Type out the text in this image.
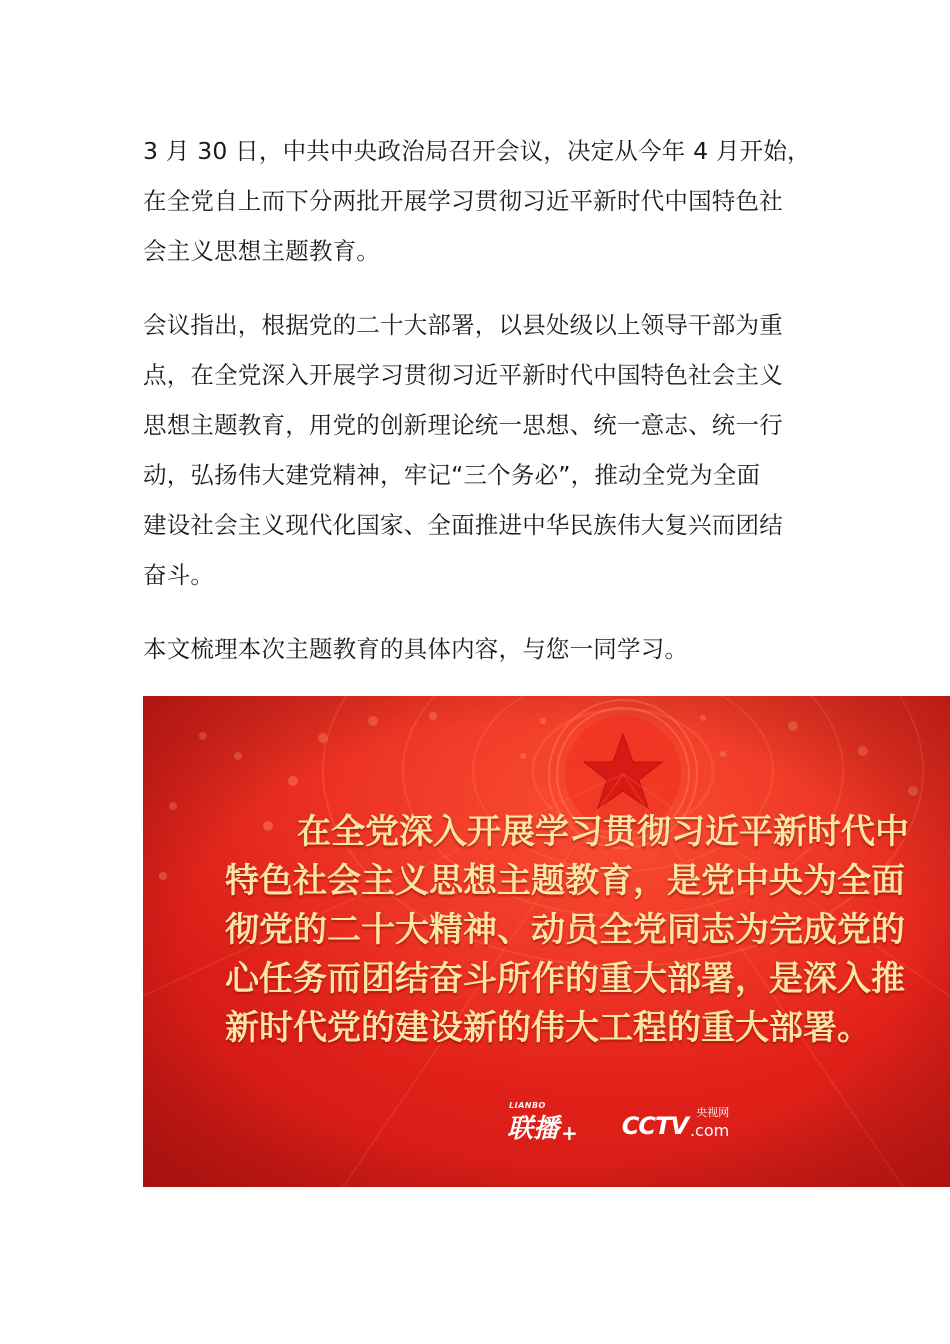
3 月 30 日，中共中央政治局召开会议，决定从今年 4 月开始，
在全党自上而下分两批开展学习贯彻习近平新时代中国特色社
会主义思想主题教育。

会议指出，根据党的二十大部署，以县处级以上领导干部为重
点，在全党深入开展学习贯彻习近平新时代中国特色社会主义
思想主题教育，用党的创新理论统一思想、统一意志、统一行
动，弘扬伟大建党精神，牢记“三个务必”，推动全党为全面
建设社会主义现代化国家、全面推进中华民族伟大复兴而团结
奋斗。

本文梳理本次主题教育的具体内容，与您一同学习。

在全党深入开展学习贯彻习近平新时代中
特色社会主义思想主题教育，是党中央为全面
彻党的二十大精神、动员全党同志为完成党的
心任务而团结奋斗所作的重大部署，是深入推
新时代党的建设新的伟大工程的重大部署。
LIANBO
联播 +
央视网
CCTV .com
